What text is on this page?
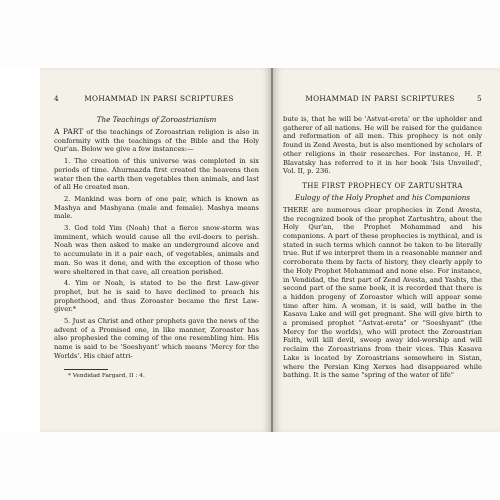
4	MOHAMMAD IN PARSI SCRIPTURES
The Teachings of Zoroastrianism

A PART of the teachings of Zoroastrian religion is also in conformity with the teachings of the Bible and the Holy Qur'an. Below we give a few instances:—

1. The creation of this universe was completed in six periods of time. Ahurmazda first created the heavens then water then the earth then vegetables then animals, and last of all He created man.

2. Mankind was born of one pair, which is known as Mashya and Mashyana (male and female). Mashya means male.

3. God told Yim (Noah) that a fierce snow-storm was imminent, which would cause all the evil-doers to perish. Noah was then asked to make an underground alcove and to accumulate in it a pair each, of vegetables, animals and man. So was it done, and with the exception of those who were sheltered in that cave, all creation perished.

4. Yim or Noah, is stated to be the first Law-giver prophet, but he is said to have declined to preach his prophethood, and thus Zoroaster became the first Law-giver.*

5. Just as Christ and other prophets gave the news of the advent of a Promised one, in like manner, Zoroaster has also prophesied the coming of the one resembling him. His name is said to be 'Soeshyant' which means 'Mercy for the Worlds'. His chief attri-

* Vendidad Fargard, II : 4.
MOHAMMAD IN PARSI SCRIPTURES	5

bute is, that he will be 'Astvat-ereta' or the upholder and gatherer of all nations. He will be raised for the guidance and reformation of all men. This prophecy is not only found in Zend Avesta, but is also mentioned by scholars of other religions in their researches. For instance, H. P. Blavatsky has referred to it in her book 'Isis Unveiled', Vol. II, p. 236.

THE FIRST PROPHECY OF ZARTUSHTRA
Eulogy of the Holy Prophet and his Companions

THERE are numerous clear prophecies in Zend Avesta, the recognized book of the prophet Zartushtra, about the Holy Qur'an, the Prophet Mohammad and his companions. A part of these prophecies is mythical, and is stated in such terms which cannot be taken to be literally true. But if we interpret them in a reasonable manner and corroborate them by facts of history, they clearly apply to the Holy Prophet Mohammad and none else. For instance, in Vendidad, the first part of Zend Avesta, and Yashts, the second part of the same book, it is recorded that there is a hidden progeny of Zoroaster which will appear some time after him. A woman, it is said, will bathe in the Kasava Lake and will get pregnant. She will give birth to a promised prophet "Astvat-ereta" or "Soeshyant" (the Mercy for the worlds), who will protect the Zoroastrian Faith, will kill devil, sweep away idol-worship and will reclaim the Zoroastrians from their vices. This Kasava Lake is located by Zoroastrians somewhere in Sistan, where the Persian King Xerxes had disappeared while bathing. It is the same "spring of the water of life"
